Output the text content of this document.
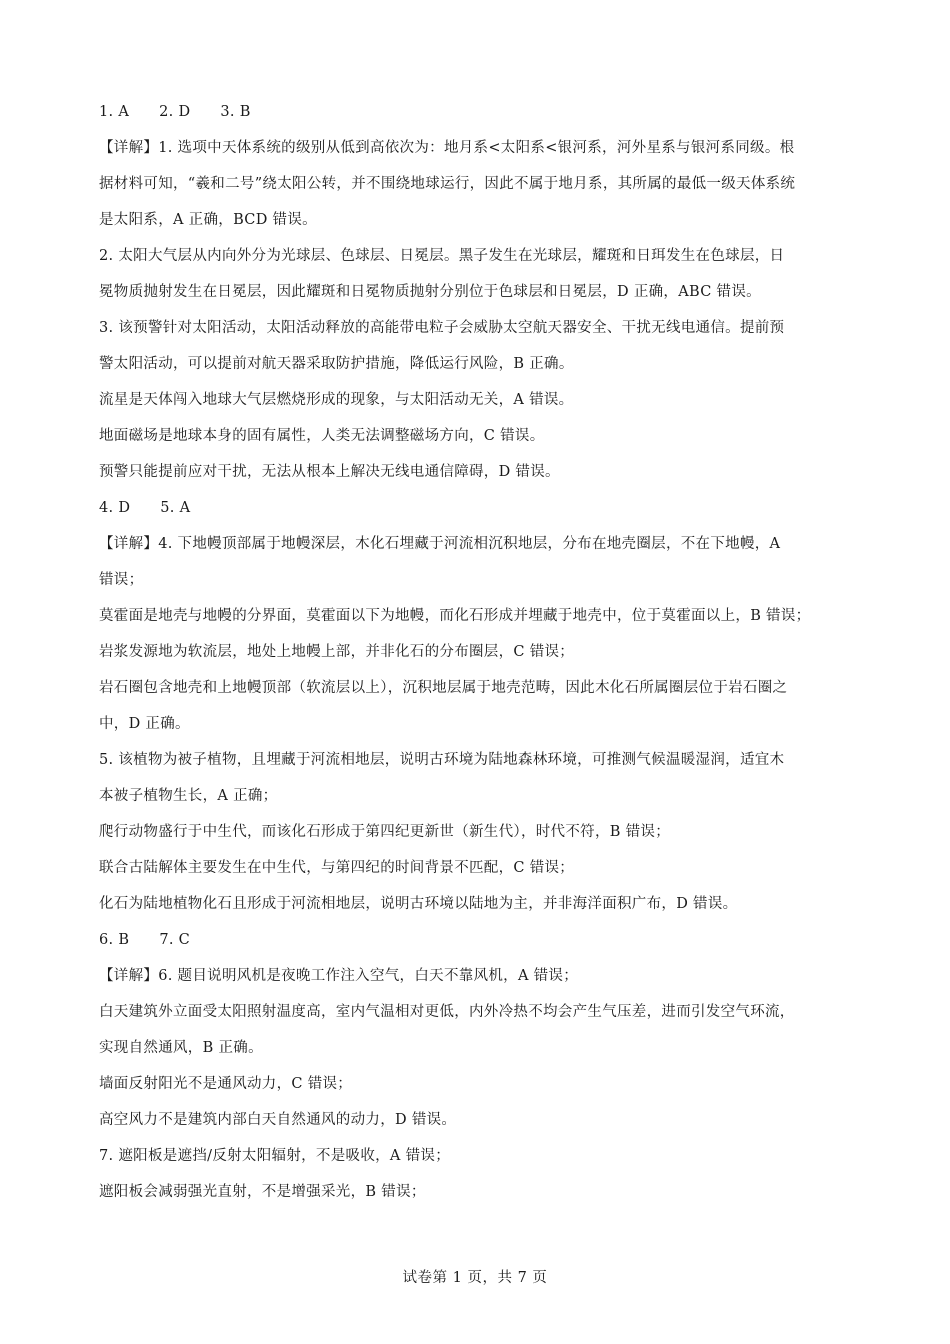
1. A 2. D 3. B
【详解】1. 选项中天体系统的级别从低到高依次为：地月系<太阳系<银河系，河外星系与银河系同级。根
据材料可知，“羲和二号”绕太阳公转，并不围绕地球运行，因此不属于地月系，其所属的最低一级天体系统
是太阳系，A 正确，BCD 错误。
2. 太阳大气层从内向外分为光球层、色球层、日冕层。黑子发生在光球层，耀斑和日珥发生在色球层，日
冕物质抛射发生在日冕层，因此耀斑和日冕物质抛射分别位于色球层和日冕层，D 正确，ABC 错误。
3. 该预警针对太阳活动，太阳活动释放的高能带电粒子会威胁太空航天器安全、干扰无线电通信。提前预
警太阳活动，可以提前对航天器采取防护措施，降低运行风险，B 正确。
流星是天体闯入地球大气层燃烧形成的现象，与太阳活动无关，A 错误。
地面磁场是地球本身的固有属性，人类无法调整磁场方向，C 错误。
预警只能提前应对干扰，无法从根本上解决无线电通信障碍，D 错误。
4. D 5. A
【详解】4. 下地幔顶部属于地幔深层，木化石埋藏于河流相沉积地层，分布在地壳圈层，不在下地幔，A
错误；
莫霍面是地壳与地幔的分界面，莫霍面以下为地幔，而化石形成并埋藏于地壳中，位于莫霍面以上，B 错误；
岩浆发源地为软流层，地处上地幔上部，并非化石的分布圈层，C 错误；
岩石圈包含地壳和上地幔顶部（软流层以上），沉积地层属于地壳范畴，因此木化石所属圈层位于岩石圈之
中，D 正确。
5. 该植物为被子植物，且埋藏于河流相地层，说明古环境为陆地森林环境，可推测气候温暖湿润，适宜木
本被子植物生长，A 正确；
爬行动物盛行于中生代，而该化石形成于第四纪更新世（新生代），时代不符，B 错误；
联合古陆解体主要发生在中生代，与第四纪的时间背景不匹配，C 错误；
化石为陆地植物化石且形成于河流相地层，说明古环境以陆地为主，并非海洋面积广布，D 错误。
6. B 7. C
【详解】6. 题目说明风机是夜晚工作注入空气，白天不靠风机，A 错误；
白天建筑外立面受太阳照射温度高，室内气温相对更低，内外冷热不均会产生气压差，进而引发空气环流，
实现自然通风，B 正确。
墙面反射阳光不是通风动力，C 错误；
高空风力不是建筑内部白天自然通风的动力，D 错误。
7. 遮阳板是遮挡/反射太阳辐射，不是吸收，A 错误；
遮阳板会减弱强光直射，不是增强采光，B 错误；
试卷第 1 页，共 7 页
